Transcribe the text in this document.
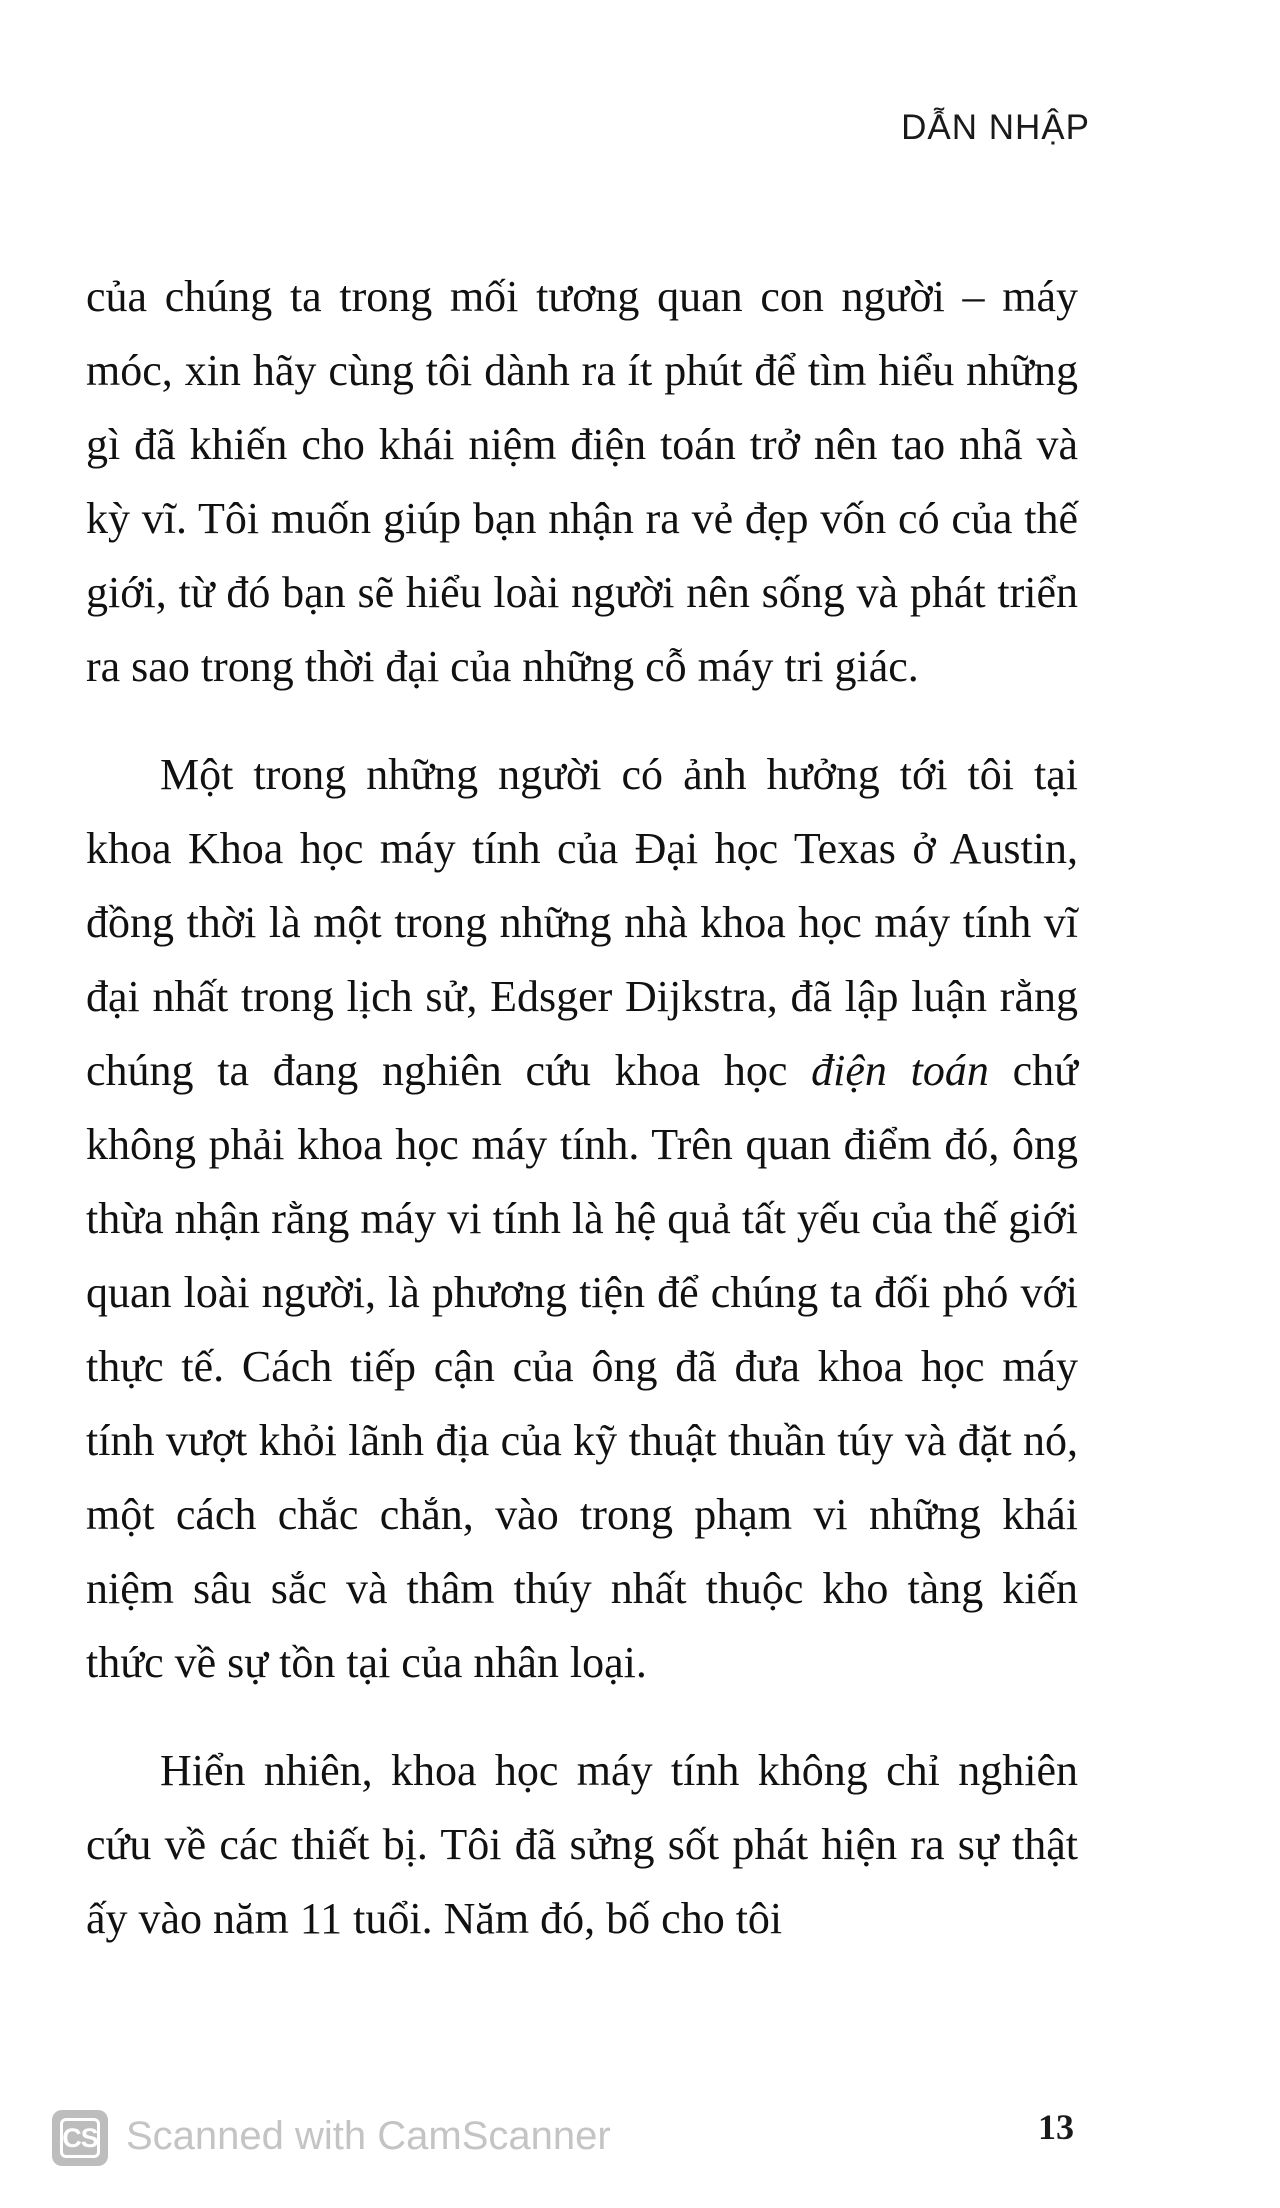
DẪN NHẬP

của chúng ta trong mối tương quan con người – máy móc, xin hãy cùng tôi dành ra ít phút để tìm hiểu những gì đã khiến cho khái niệm điện toán trở nên tao nhã và kỳ vĩ. Tôi muốn giúp bạn nhận ra vẻ đẹp vốn có của thế giới, từ đó bạn sẽ hiểu loài người nên sống và phát triển ra sao trong thời đại của những cỗ máy tri giác.

Một trong những người có ảnh hưởng tới tôi tại khoa Khoa học máy tính của Đại học Texas ở Austin, đồng thời là một trong những nhà khoa học máy tính vĩ đại nhất trong lịch sử, Edsger Dijkstra, đã lập luận rằng chúng ta đang nghiên cứu khoa học điện toán chứ không phải khoa học máy tính. Trên quan điểm đó, ông thừa nhận rằng máy vi tính là hệ quả tất yếu của thế giới quan loài người, là phương tiện để chúng ta đối phó với thực tế. Cách tiếp cận của ông đã đưa khoa học máy tính vượt khỏi lãnh địa của kỹ thuật thuần túy và đặt nó, một cách chắc chắn, vào trong phạm vi những khái niệm sâu sắc và thâm thúy nhất thuộc kho tàng kiến thức về sự tồn tại của nhân loại.

Hiển nhiên, khoa học máy tính không chỉ nghiên cứu về các thiết bị. Tôi đã sửng sốt phát hiện ra sự thật ấy vào năm 11 tuổi. Năm đó, bố cho tôi

CS Scanned with CamScanner	13
